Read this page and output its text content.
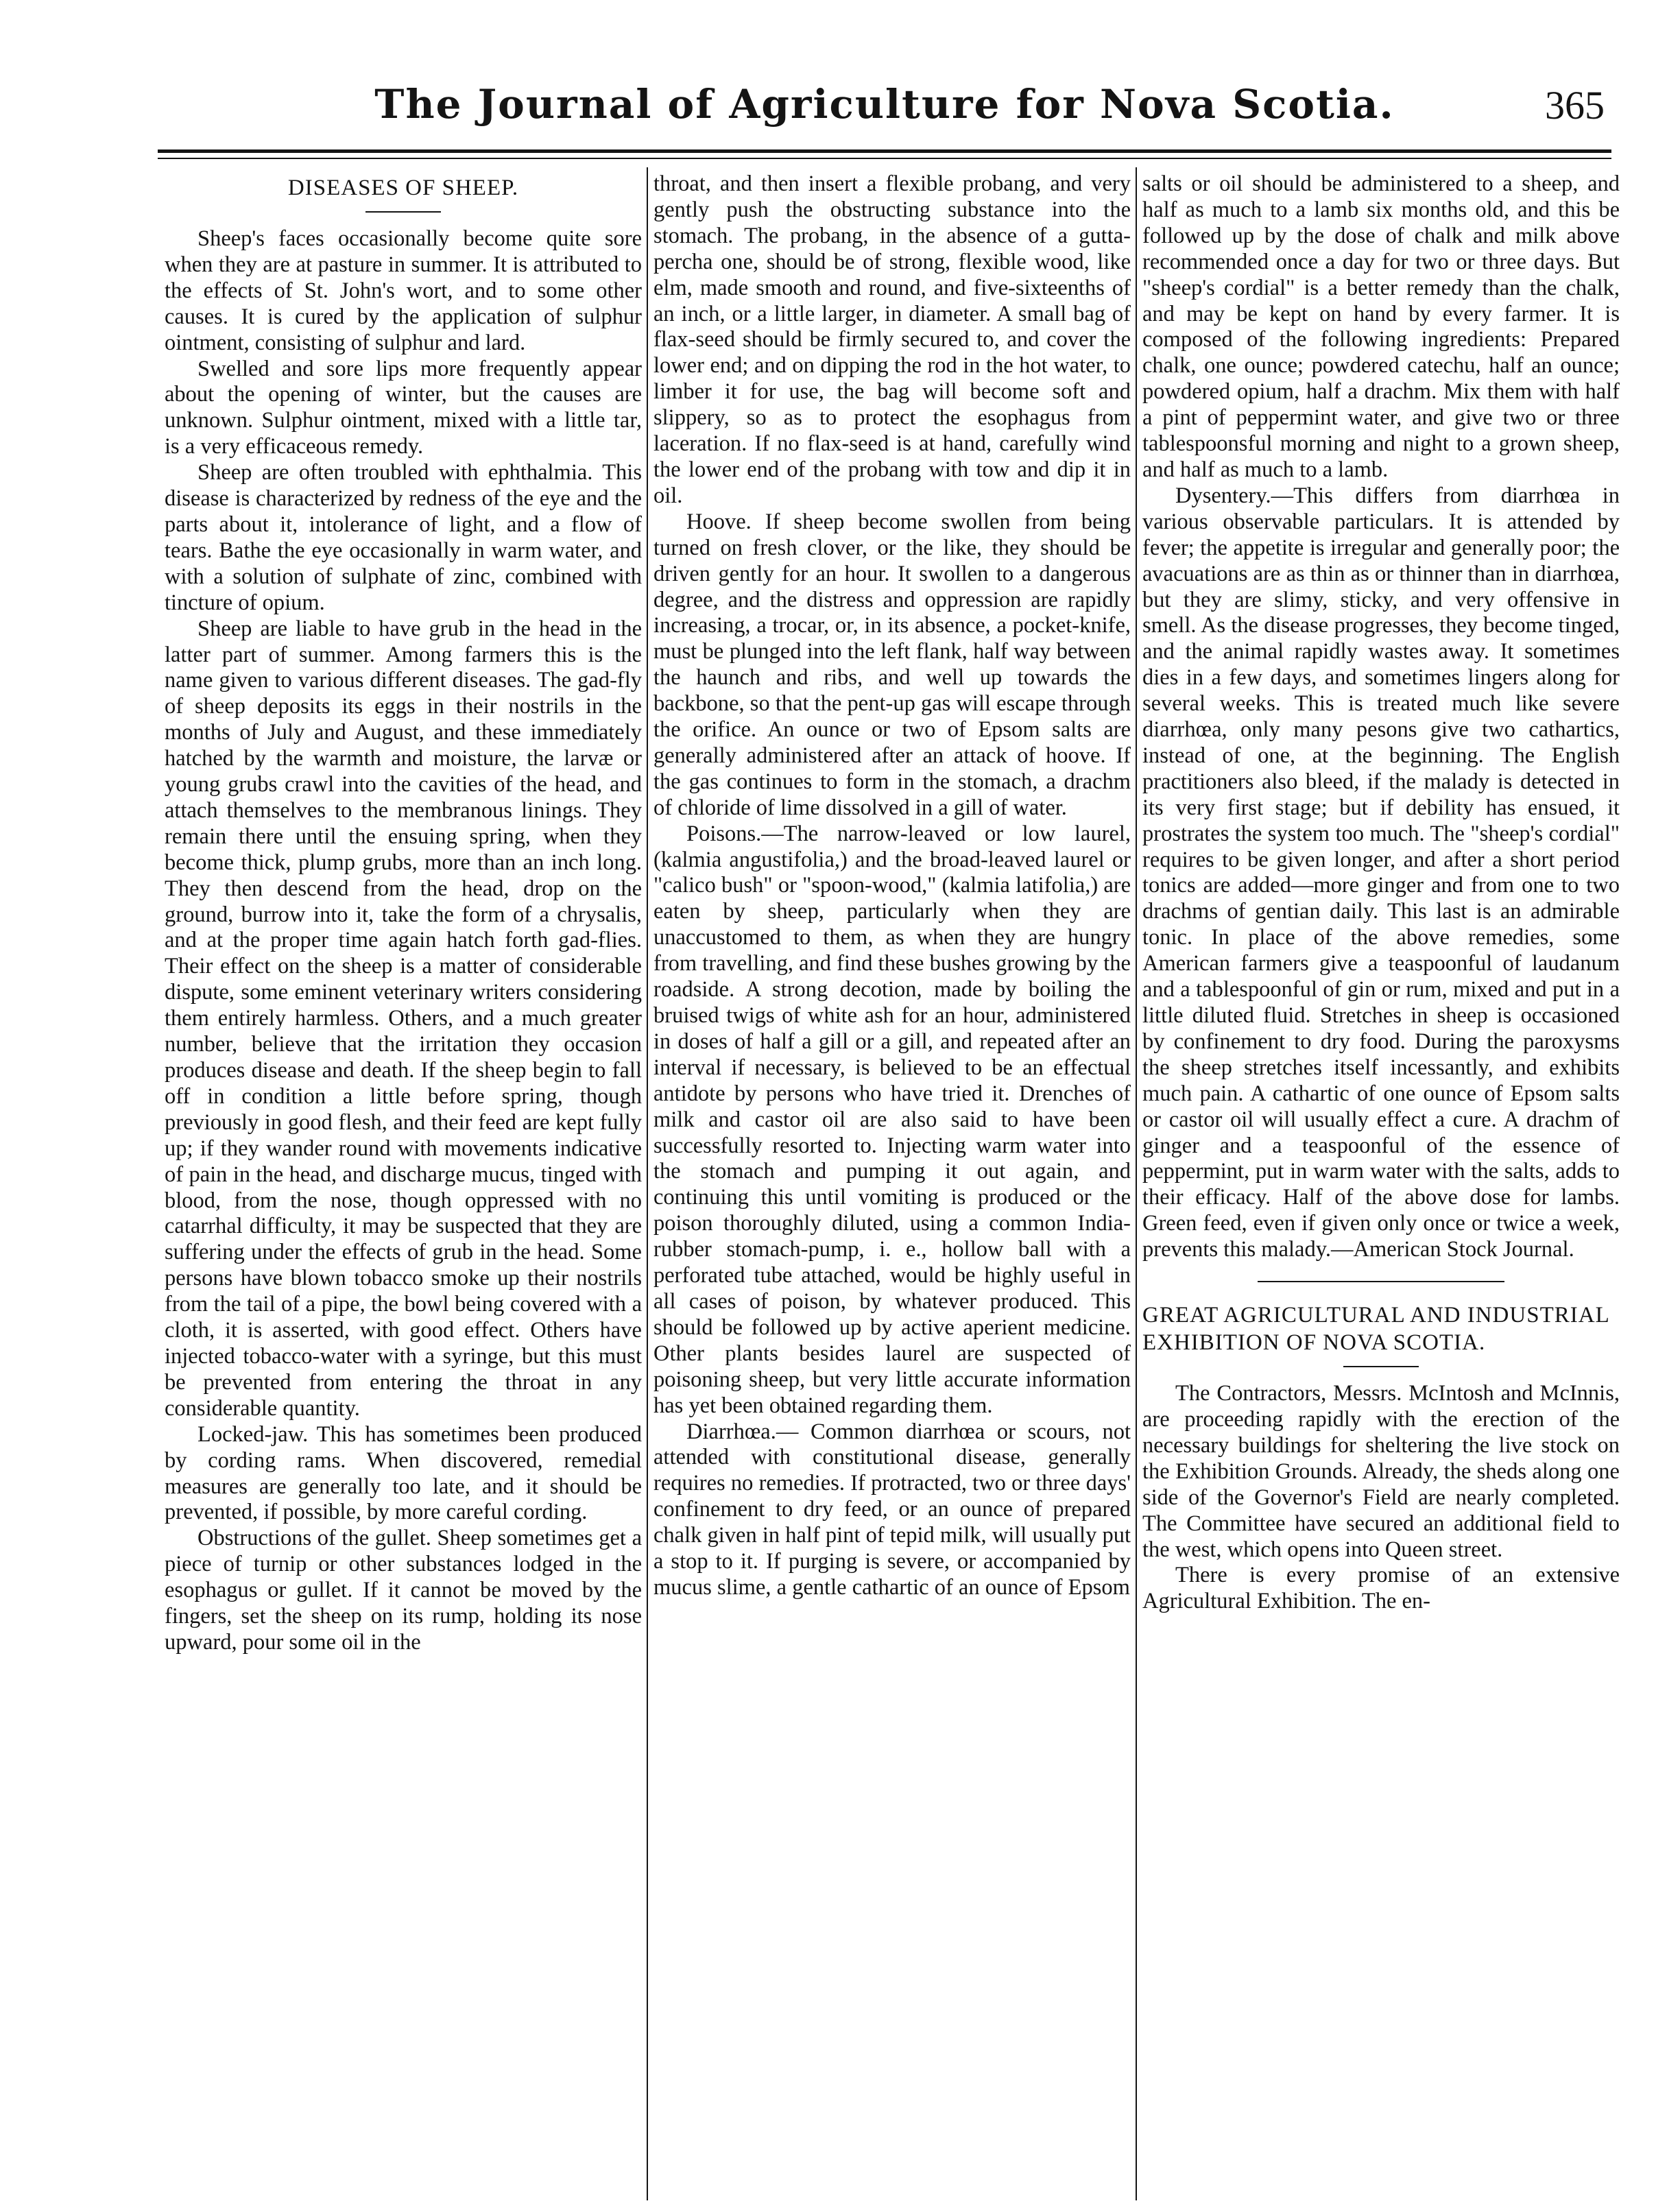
The Journal of Agriculture for Nova Scotia.	365
DISEASES OF SHEEP.

Sheep's faces occasionally become quite sore when they are at pasture in summer. It is attributed to the effects of St. John's wort, and to some other causes. It is cured by the application of sulphur ointment, consisting of sulphur and lard.

Swelled and sore lips more frequently appear about the opening of winter, but the causes are unknown. Sulphur ointment, mixed with a little tar, is a very efficaceous remedy.

Sheep are often troubled with ephthalmia. This disease is characterized by redness of the eye and the parts about it, intolerance of light, and a flow of tears. Bathe the eye occasionally in warm water, and with a solution of sulphate of zinc, combined with tincture of opium.

Sheep are liable to have grub in the head in the latter part of summer. Among farmers this is the name given to various different diseases. The gad-fly of sheep deposits its eggs in their nostrils in the months of July and August, and these immediately hatched by the warmth and moisture, the larvæ or young grubs crawl into the cavities of the head, and attach themselves to the membranous linings. They remain there until the ensuing spring, when they become thick, plump grubs, more than an inch long. They then descend from the head, drop on the ground, burrow into it, take the form of a chrysalis, and at the proper time again hatch forth gad-flies. Their effect on the sheep is a matter of considerable dispute, some eminent veterinary writers considering them entirely harmless. Others, and a much greater number, believe that the irritation they occasion produces disease and death. If the sheep begin to fall off in condition a little before spring, though previously in good flesh, and their feed are kept fully up; if they wander round with movements indicative of pain in the head, and discharge mucus, tinged with blood, from the nose, though oppressed with no catarrhal difficulty, it may be suspected that they are suffering under the effects of grub in the head. Some persons have blown tobacco smoke up their nostrils from the tail of a pipe, the bowl being covered with a cloth, it is asserted, with good effect. Others have injected tobacco-water with a syringe, but this must be prevented from entering the throat in any considerable quantity.

Locked-jaw. This has sometimes been produced by cording rams. When discovered, remedial measures are generally too late, and it should be prevented, if possible, by more careful cording.

Obstructions of the gullet. Sheep sometimes get a piece of turnip or other substances lodged in the esophagus or gullet. If it cannot be moved by the fingers, set the sheep on its rump, holding its nose upward, pour some oil in the

throat, and then insert a flexible probang, and very gently push the obstructing substance into the stomach. The probang, in the absence of a gutta-percha one, should be of strong, flexible wood, like elm, made smooth and round, and five-sixteenths of an inch, or a little larger, in diameter. A small bag of flax-seed should be firmly secured to, and cover the lower end; and on dipping the rod in the hot water, to limber it for use, the bag will become soft and slippery, so as to protect the esophagus from laceration. If no flax-seed is at hand, carefully wind the lower end of the probang with tow and dip it in oil.

Hoove. If sheep become swollen from being turned on fresh clover, or the like, they should be driven gently for an hour. It swollen to a dangerous degree, and the distress and oppression are rapidly increasing, a trocar, or, in its absence, a pocket-knife, must be plunged into the left flank, half way between the haunch and ribs, and well up towards the backbone, so that the pent-up gas will escape through the orifice. An ounce or two of Epsom salts are generally administered after an attack of hoove. If the gas continues to form in the stomach, a drachm of chloride of lime dissolved in a gill of water.

Poisons.—The narrow-leaved or low laurel, (kalmia angustifolia,) and the broad-leaved laurel or "calico bush" or "spoon-wood," (kalmia latifolia,) are eaten by sheep, particularly when they are unaccustomed to them, as when they are hungry from travelling, and find these bushes growing by the roadside. A strong decotion, made by boiling the bruised twigs of white ash for an hour, administered in doses of half a gill or a gill, and repeated after an interval if necessary, is believed to be an effectual antidote by persons who have tried it. Drenches of milk and castor oil are also said to have been successfully resorted to. Injecting warm water into the stomach and pumping it out again, and continuing this until vomiting is produced or the poison thoroughly diluted, using a common India-rubber stomach-pump, i. e., hollow ball with a perforated tube attached, would be highly useful in all cases of poison, by whatever produced. This should be followed up by active aperient medicine. Other plants besides laurel are suspected of poisoning sheep, but very little accurate information has yet been obtained regarding them.

Diarrhœa.— Common diarrhœa or scours, not attended with constitutional disease, generally requires no remedies. If protracted, two or three days' confinement to dry feed, or an ounce of prepared chalk given in half pint of tepid milk, will usually put a stop to it. If purging is severe, or accompanied by mucus slime, a gentle cathartic of an ounce of Epsom

salts or oil should be administered to a sheep, and half as much to a lamb six months old, and this be followed up by the dose of chalk and milk above recommended once a day for two or three days. But "sheep's cordial" is a better remedy than the chalk, and may be kept on hand by every farmer. It is composed of the following ingredients: Prepared chalk, one ounce; powdered catechu, half an ounce; powdered opium, half a drachm. Mix them with half a pint of peppermint water, and give two or three tablespoonsful morning and night to a grown sheep, and half as much to a lamb.

Dysentery.—This differs from diarrhœa in various observable particulars. It is attended by fever; the appetite is irregular and generally poor; the avacuations are as thin as or thinner than in diarrhœa, but they are slimy, sticky, and very offensive in smell. As the disease progresses, they become tinged, and the animal rapidly wastes away. It sometimes dies in a few days, and sometimes lingers along for several weeks. This is treated much like severe diarrhœa, only many pesons give two cathartics, instead of one, at the beginning. The English practitioners also bleed, if the malady is detected in its very first stage; but if debility has ensued, it prostrates the system too much. The "sheep's cordial" requires to be given longer, and after a short period tonics are added—more ginger and from one to two drachms of gentian daily. This last is an admirable tonic. In place of the above remedies, some American farmers give a teaspoonful of laudanum and a tablespoonful of gin or rum, mixed and put in a little diluted fluid. Stretches in sheep is occasioned by confinement to dry food. During the paroxysms the sheep stretches itself incessantly, and exhibits much pain. A cathartic of one ounce of Epsom salts or castor oil will usually effect a cure. A drachm of ginger and a teaspoonful of the essence of peppermint, put in warm water with the salts, adds to their efficacy. Half of the above dose for lambs. Green feed, even if given only once or twice a week, prevents this malady.—American Stock Journal.

GREAT AGRICULTURAL AND INDUSTRIAL EXHIBITION OF NOVA SCOTIA.

The Contractors, Messrs. McIntosh and McInnis, are proceeding rapidly with the erection of the necessary buildings for sheltering the live stock on the Exhibition Grounds. Already, the sheds along one side of the Governor's Field are nearly completed. The Committee have secured an additional field to the west, which opens into Queen street.

There is every promise of an extensive Agricultural Exhibition. The en-
